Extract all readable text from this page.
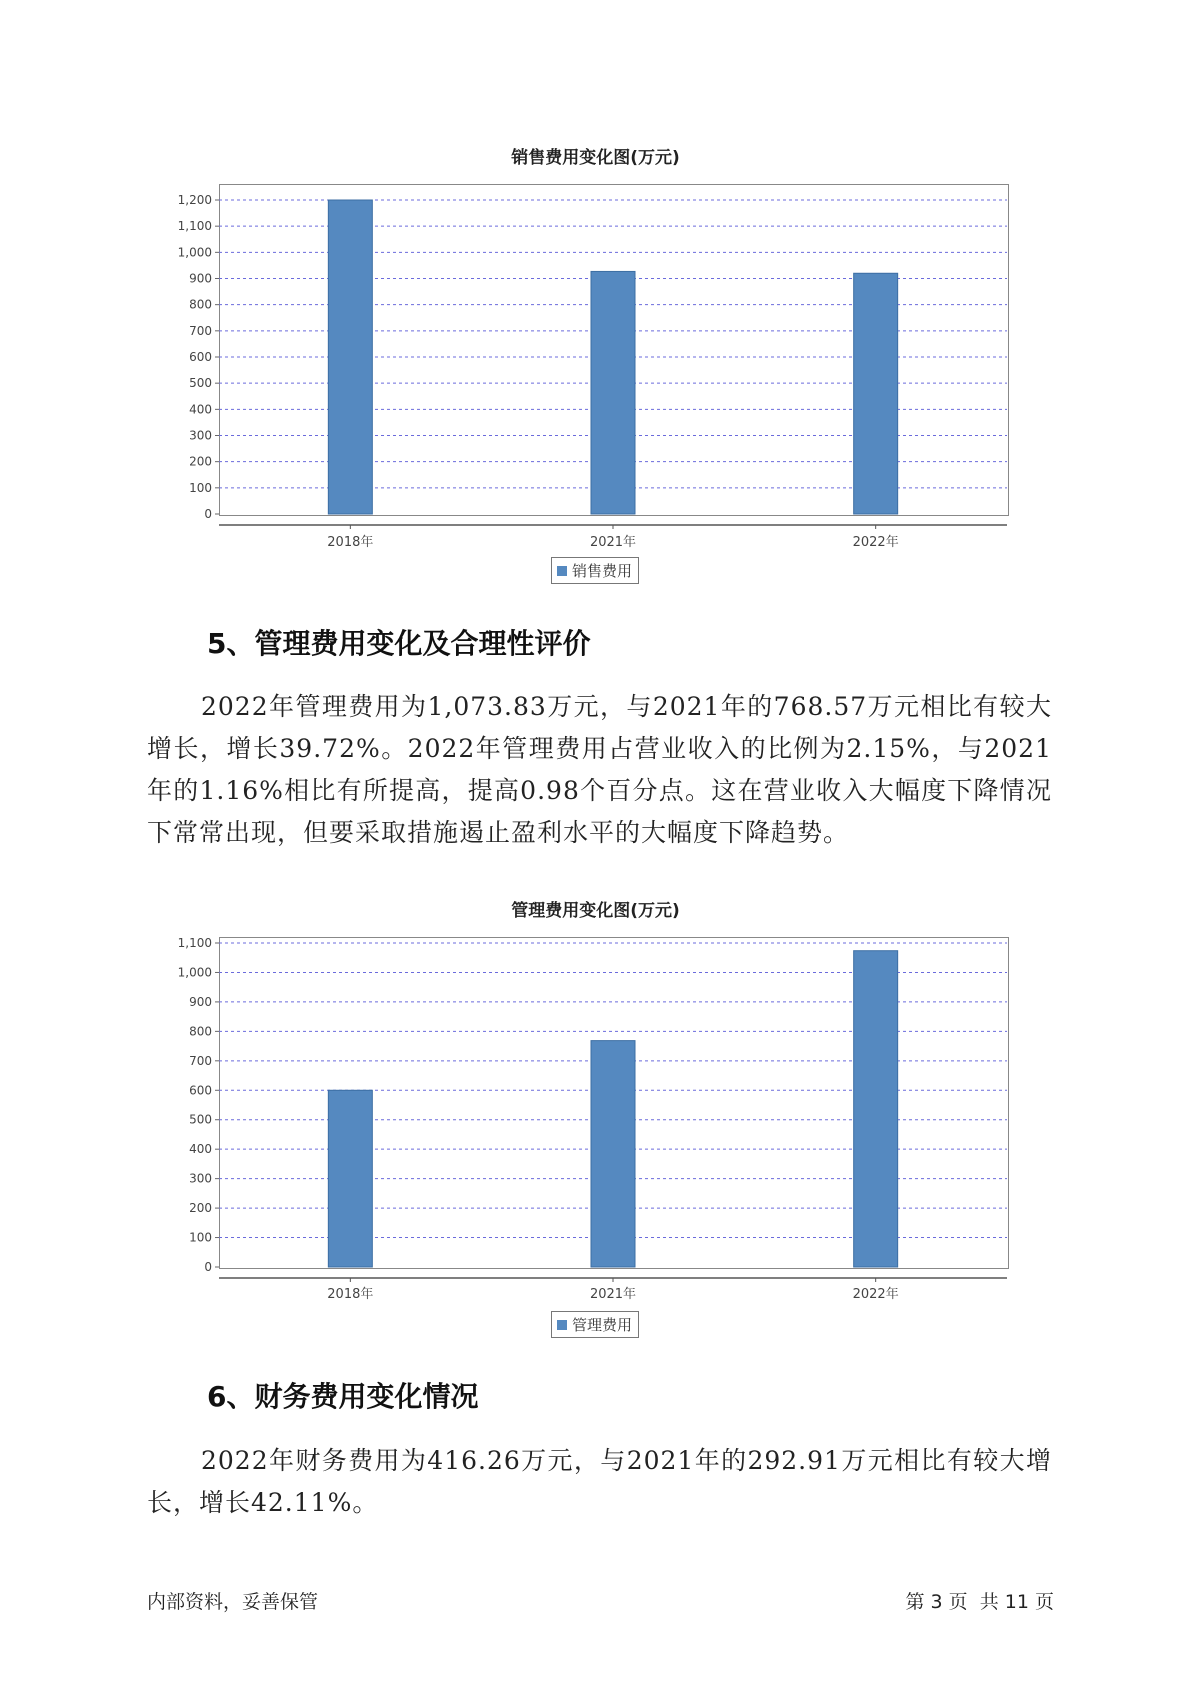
销售费用变化图(万元)
0
100
200
300
400
500
600
700
800
900
1,000
1,100
1,200
2018年	2021年	2022年
销售费用
5、管理费用变化及合理性评价

2022年管理费用为1,073.83万元，与2021年的768.57万元相比有较大增长，增长39.72%。2022年管理费用占营业收入的比例为2.15%，与2021年的1.16%相比有所提高，提高0.98个百分点。这在营业收入大幅度下降情况下常常出现，但要采取措施遏止盈利水平的大幅度下降趋势。

管理费用变化图(万元)
0
100
200
300
400
500
600
700
800
900
1,000
1,100
2018年	2021年	2022年
管理费用
6、财务费用变化情况

2022年财务费用为416.26万元，与2021年的292.91万元相比有较大增长，增长42.11%。

内部资料，妥善保管	第 3 页  共 11 页
